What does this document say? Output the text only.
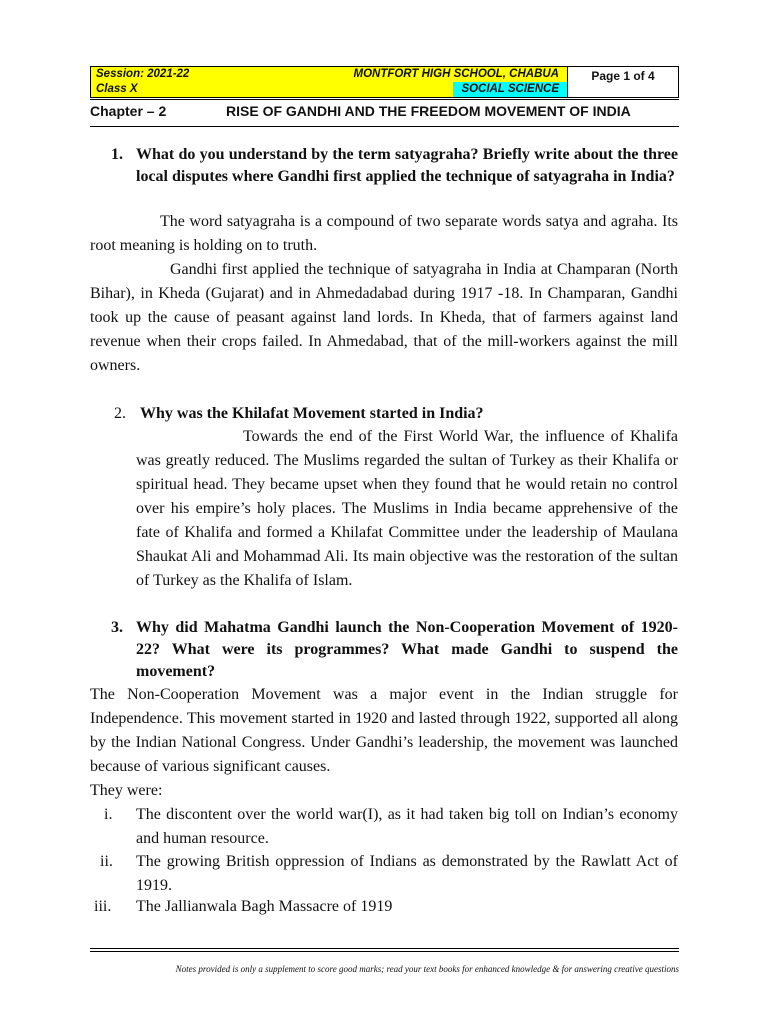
Session: 2021-22	MONTFORT HIGH SCHOOL, CHABUA
Class X	SOCIAL SCIENCE
Page 1 of 4
Chapter – 2	RISE OF GANDHI AND THE FREEDOM MOVEMENT OF INDIA
1. What do you understand by the term satyagraha? Briefly write about the three local disputes where Gandhi first applied the technique of satyagraha in India?

The word satyagraha is a compound of two separate words satya and agraha. Its root meaning is holding on to truth.

Gandhi first applied the technique of satyagraha in India at Champaran (North Bihar), in Kheda (Gujarat) and in Ahmedadabad during 1917 -18. In Champaran, Gandhi took up the cause of peasant against land lords. In Kheda, that of farmers against land revenue when their crops failed. In Ahmedabad, that of the mill-workers against the mill owners.

2. Why was the Khilafat Movement started in India?

Towards the end of the First World War, the influence of Khalifa was greatly reduced. The Muslims regarded the sultan of Turkey as their Khalifa or spiritual head. They became upset when they found that he would retain no control over his empire’s holy places. The Muslims in India became apprehensive of the fate of Khalifa and formed a Khilafat Committee under the leadership of Maulana Shaukat Ali and Mohammad Ali. Its main objective was the restoration of the sultan of Turkey as the Khalifa of Islam.

3. Why did Mahatma Gandhi launch the Non-Cooperation Movement of 1920-22? What were its programmes? What made Gandhi to suspend the movement?

The Non-Cooperation Movement was a major event in the Indian struggle for Independence. This movement started in 1920 and lasted through 1922, supported all along by the Indian National Congress. Under Gandhi’s leadership, the movement was launched because of various significant causes.

They were:

i. The discontent over the world war(I), as it had taken big toll on Indian’s economy and human resource.

ii. The growing British oppression of Indians as demonstrated by the Rawlatt Act of 1919.

iii. The Jallianwala Bagh Massacre of 1919

Notes provided is only a supplement to score good marks; read your text books for enhanced knowledge & for answering creative questions
